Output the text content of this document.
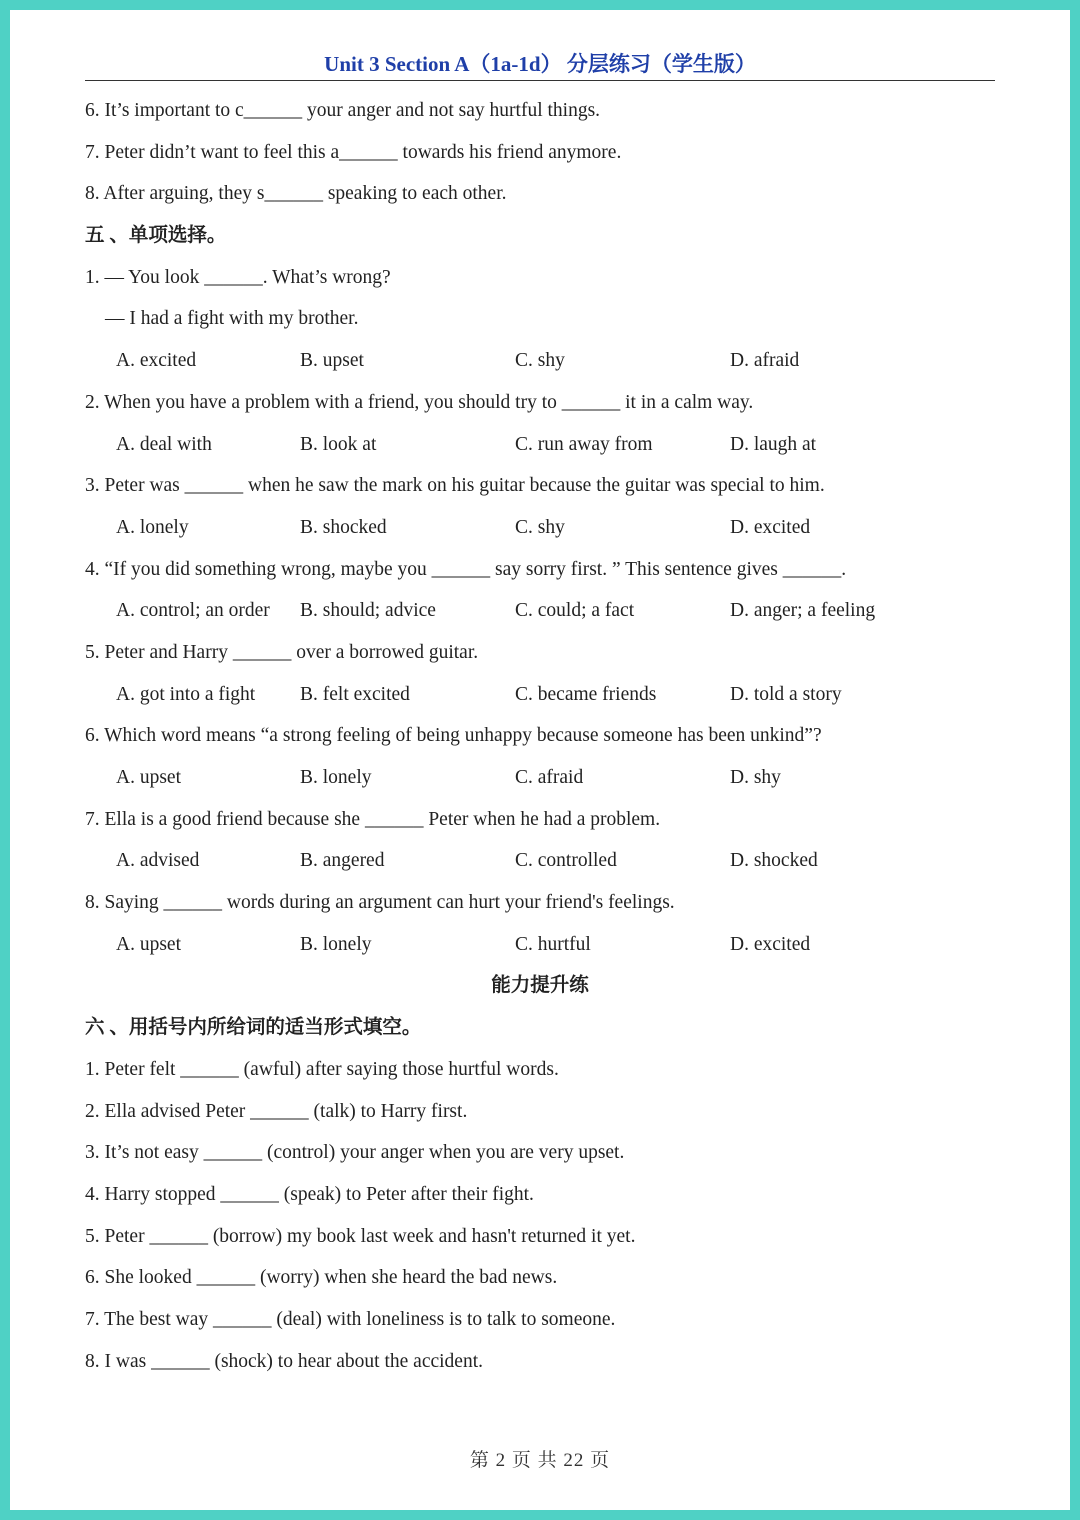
Unit 3 Section A（1a-1d） 分层练习（学生版）
6. It’s important to c______ your anger and not say hurtful things.
7. Peter didn’t want to feel this a______ towards his friend anymore.
8. After arguing, they s______ speaking to each other.
五 、单项选择。
1. — You look ______. What’s wrong?
— I had a fight with my brother.
A. excited	B. upset	C. shy	D. afraid
2. When you have a problem with a friend, you should try to ______ it in a calm way.
A. deal with	B. look at	C. run away from	D. laugh at
3. Peter was ______ when he saw the mark on his guitar because the guitar was special to him.
A. lonely	B. shocked	C. shy	D. excited
4. “If you did something wrong, maybe you ______ say sorry first. ” This sentence gives ______.
A. control; an order	B. should; advice	C. could; a fact	D. anger; a feeling
5. Peter and Harry ______ over a borrowed guitar.
A. got into a fight	B. felt excited	C. became friends	D. told a story
6. Which word means “a strong feeling of being unhappy because someone has been unkind”?
A. upset	B. lonely	C. afraid	D. shy
7. Ella is a good friend because she ______ Peter when he had a problem.
A. advised	B. angered	C. controlled	D. shocked
8. Saying ______ words during an argument can hurt your friend's feelings.
A. upset	B. lonely	C. hurtful	D. excited
能力提升练
六 、用括号内所给词的适当形式填空。
1. Peter felt ______ (awful) after saying those hurtful words.
2. Ella advised Peter ______ (talk) to Harry first.
3. It’s not easy ______ (control) your anger when you are very upset.
4. Harry stopped ______ (speak) to Peter after their fight.
5. Peter ______ (borrow) my book last week and hasn't returned it yet.
6. She looked ______ (worry) when she heard the bad news.
7. The best way ______ (deal) with loneliness is to talk to someone.
8. I was ______ (shock) to hear about the accident.
第 2 页 共 22 页
